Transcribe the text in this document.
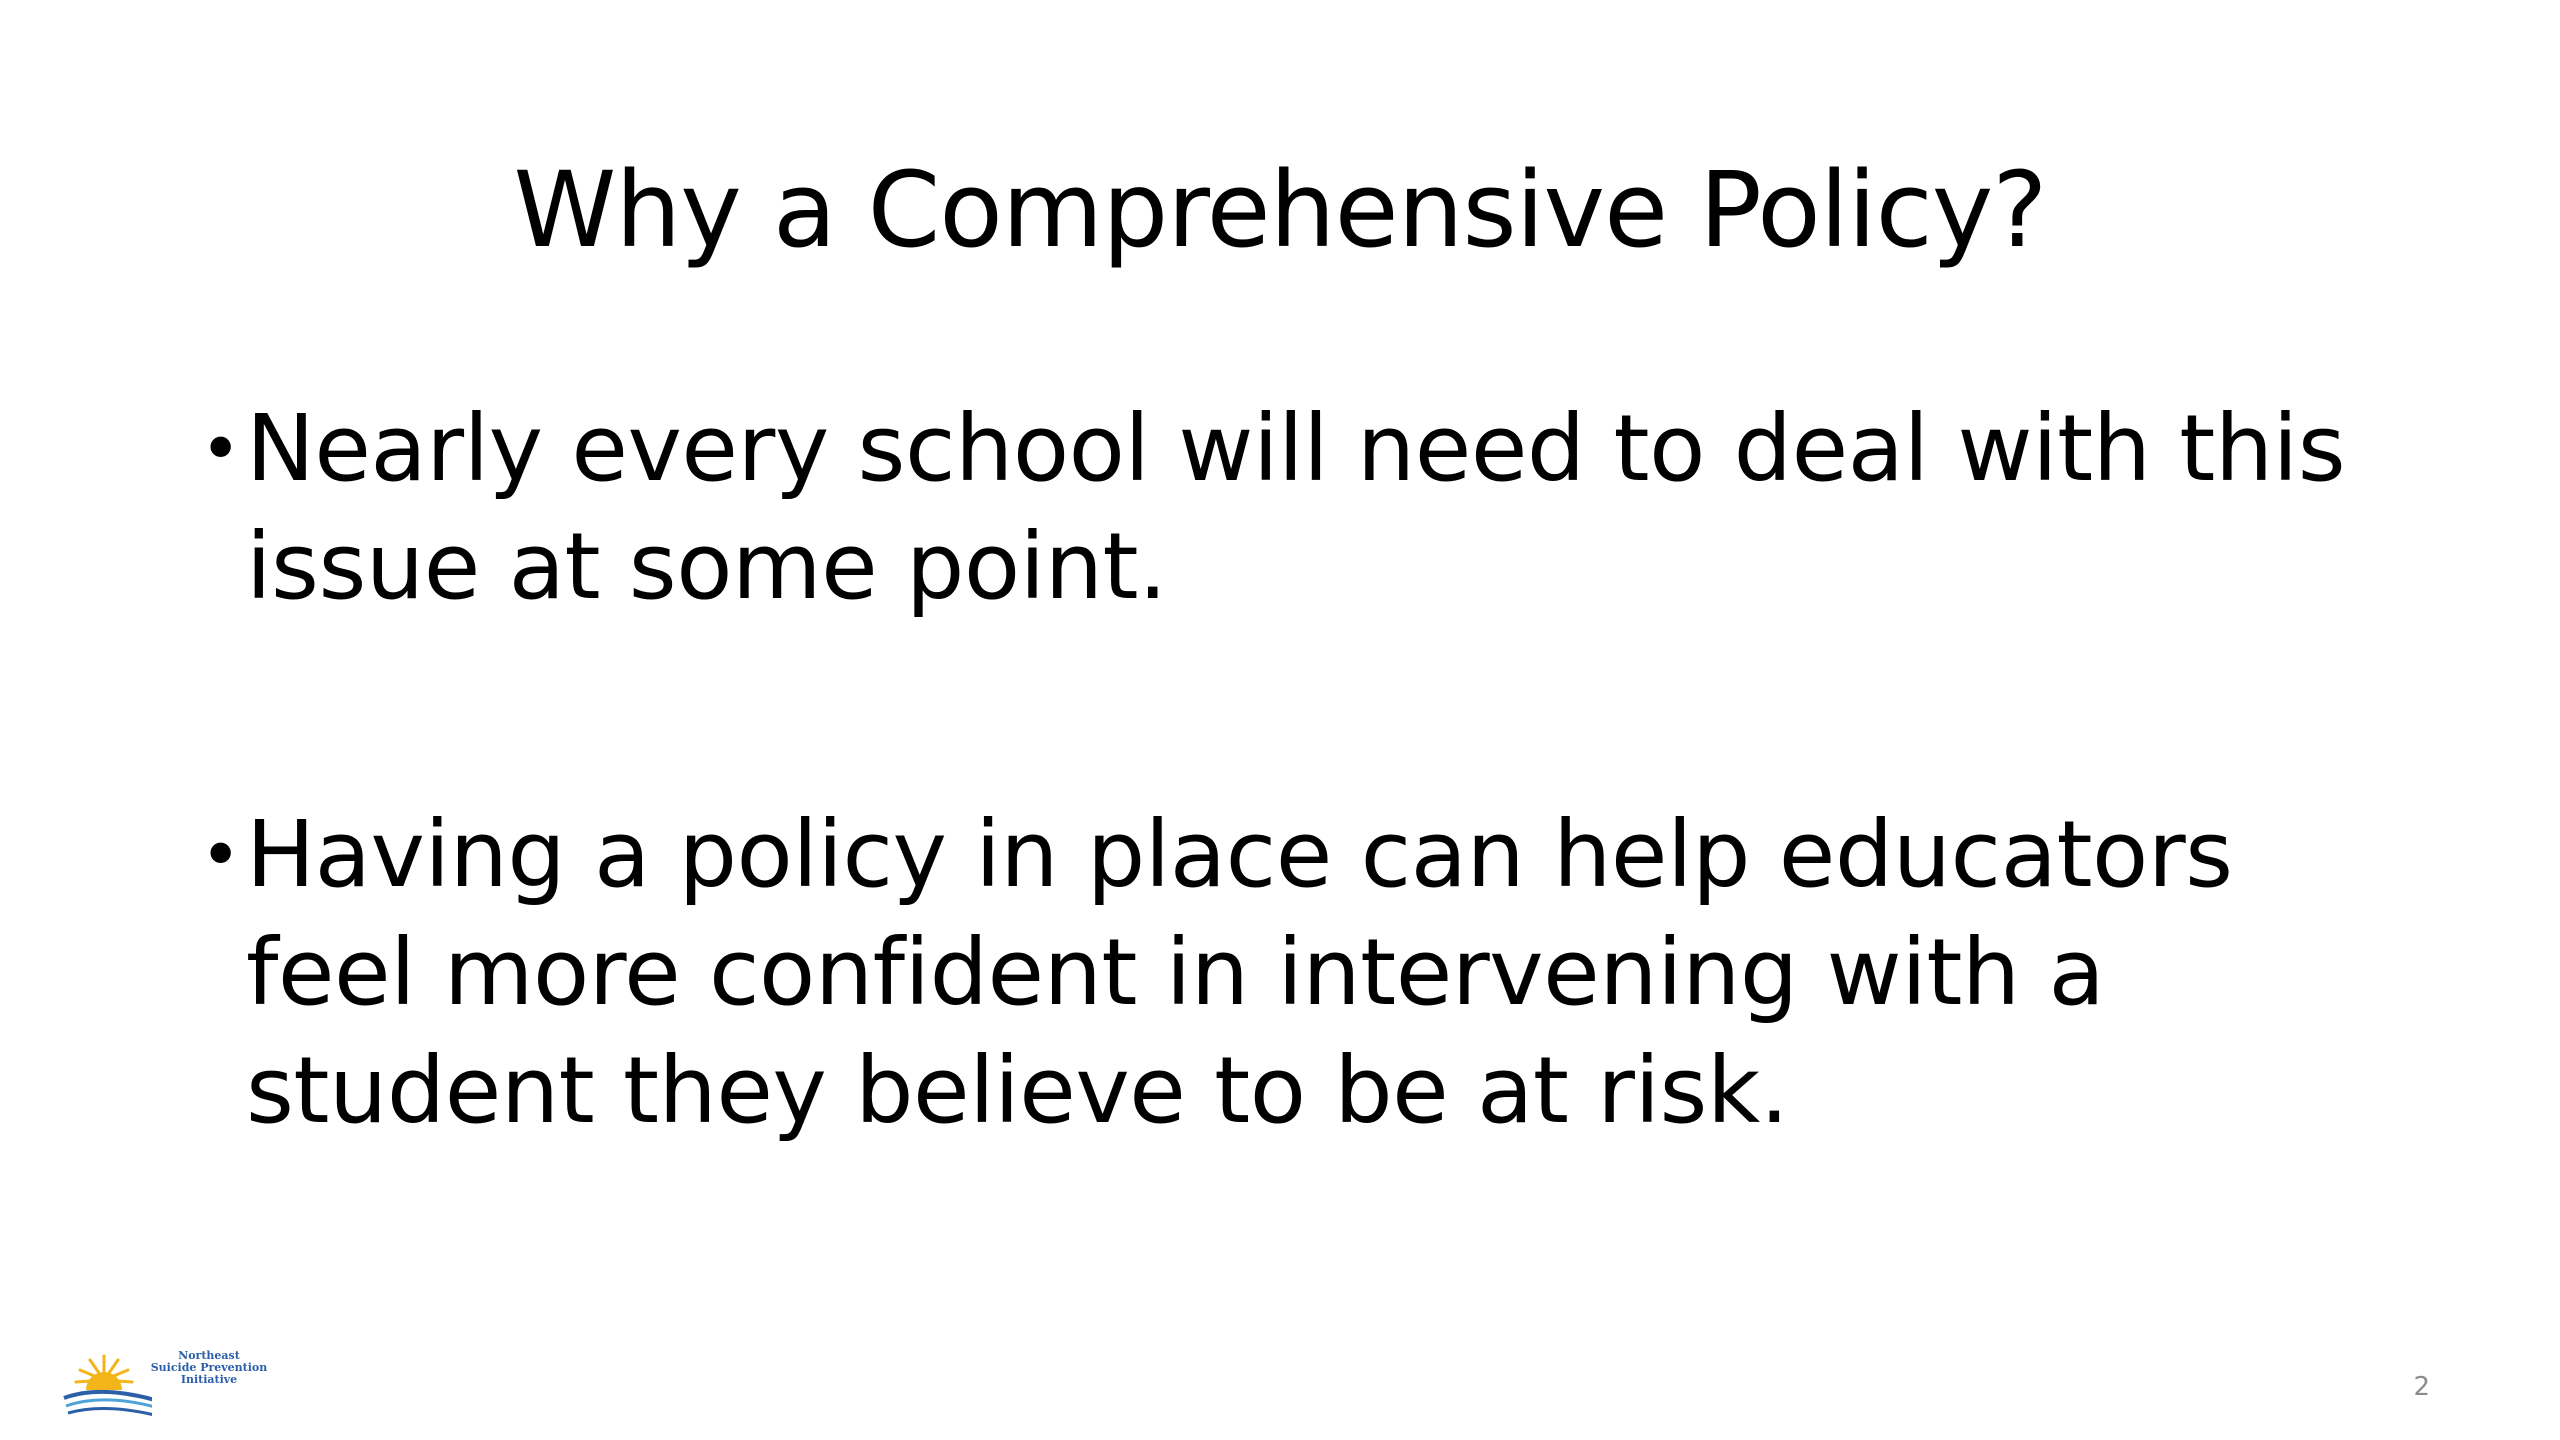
Why a Comprehensive Policy?
• Nearly every school will need to deal with this issue at some point.
• Having a policy in place can help educators feel more confident in intervening with a student they believe to be at risk.
Northeast
Suicide Prevention
Initiative	2
